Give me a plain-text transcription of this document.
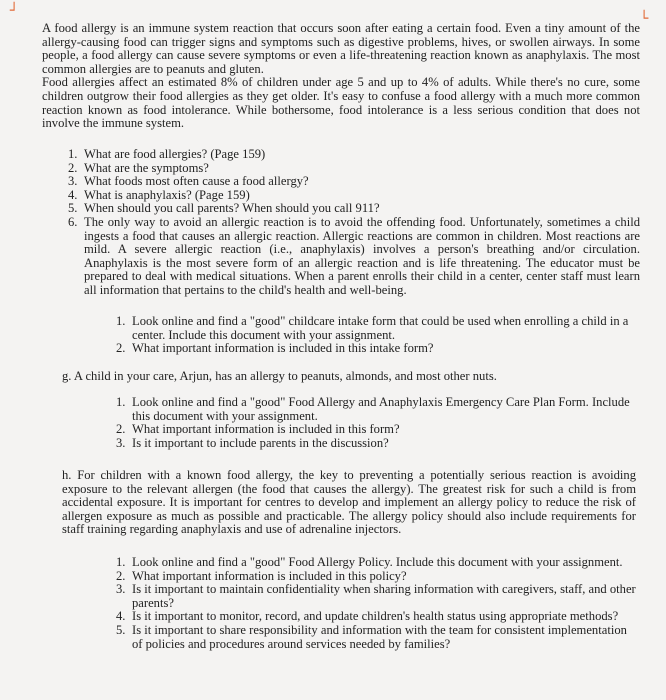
┘	└

A food allergy is an immune system reaction that occurs soon after eating a certain food. Even a tiny amount of the allergy-causing food can trigger signs and symptoms such as digestive problems, hives, or swollen airways. In some people, a food allergy can cause severe symptoms or even a life-threatening reaction known as anaphylaxis. The most common allergies are to peanuts and gluten.

Food allergies affect an estimated 8% of children under age 5 and up to 4% of adults. While there's no cure, some children outgrow their food allergies as they get older. It's easy to confuse a food allergy with a much more common reaction known as food intolerance. While bothersome, food intolerance is a less serious condition that does not involve the immune system.

1. What are food allergies? (Page 159)
2. What are the symptoms?
3. What foods most often cause a food allergy?
4. What is anaphylaxis? (Page 159)
5. When should you call parents? When should you call 911?
6. The only way to avoid an allergic reaction is to avoid the offending food. Unfortunately, sometimes a child ingests a food that causes an allergic reaction. Allergic reactions are common in children. Most reactions are mild. A severe allergic reaction (i.e., anaphylaxis) involves a person's breathing and/or circulation. Anaphylaxis is the most severe form of an allergic reaction and is life threatening. The educator must be prepared to deal with medical situations. When a parent enrolls their child in a center, center staff must learn all information that pertains to the child's health and well-being.
1. Look online and find a "good" childcare intake form that could be used when enrolling a child in a center. Include this document with your assignment.
2. What important information is included in this intake form?

g. A child in your care, Arjun, has an allergy to peanuts, almonds, and most other nuts.

1. Look online and find a "good" Food Allergy and Anaphylaxis Emergency Care Plan Form. Include this document with your assignment.
2. What important information is included in this form?
3. Is it important to include parents in the discussion?

h. For children with a known food allergy, the key to preventing a potentially serious reaction is avoiding exposure to the relevant allergen (the food that causes the allergy). The greatest risk for such a child is from accidental exposure. It is important for centres to develop and implement an allergy policy to reduce the risk of allergen exposure as much as possible and practicable. The allergy policy should also include requirements for staff training regarding anaphylaxis and use of adrenaline injectors.

1. Look online and find a "good" Food Allergy Policy. Include this document with your assignment.
2. What important information is included in this policy?
3. Is it important to maintain confidentiality when sharing information with caregivers, staff, and other parents?
4. Is it important to monitor, record, and update children's health status using appropriate methods?
5. Is it important to share responsibility and information with the team for consistent implementation of policies and procedures around services needed by families?
